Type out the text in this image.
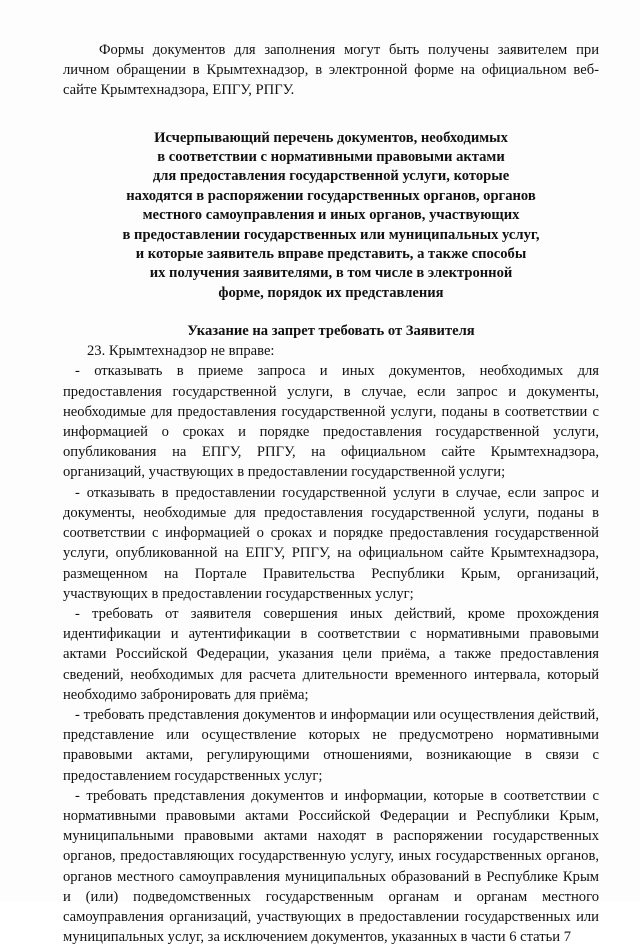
Формы документов для заполнения могут быть получены заявителем при личном обращении в Крымтехнадзор, в электронной форме на официальном веб-сайте Крымтехнадзора, ЕПГУ, РПГУ.

Исчерпывающий перечень документов, необходимых
в соответствии с нормативными правовыми актами
для предоставления государственной услуги, которые
находятся в распоряжении государственных органов, органов
местного самоуправления и иных органов, участвующих
в предоставлении государственных или муниципальных услуг,
и которые заявитель вправе представить, а также способы
их получения заявителями, в том числе в электронной
форме, порядок их представления
Указание на запрет требовать от Заявителя

23. Крымтехнадзор не вправе:

- отказывать в приеме запроса и иных документов, необходимых для предоставления государственной услуги, в случае, если запрос и документы, необходимые для предоставления государственной услуги, поданы в соответствии с информацией о сроках и порядке предоставления государственной услуги, опубликования на ЕПГУ, РПГУ, на официальном сайте Крымтехнадзора, организаций, участвующих в предоставлении государственной услуги;

- отказывать в предоставлении государственной услуги в случае, если запрос и документы, необходимые для предоставления государственной услуги, поданы в соответствии с информацией о сроках и порядке предоставления государственной услуги, опубликованной на ЕПГУ, РПГУ, на официальном сайте Крымтехнадзора, размещенном на Портале Правительства Республики Крым, организаций, участвующих в предоставлении государственных услуг;

- требовать от заявителя совершения иных действий, кроме прохождения идентификации и аутентификации в соответствии с нормативными правовыми актами Российской Федерации, указания цели приёма, а также предоставления сведений, необходимых для расчета длительности временного интервала, который необходимо забронировать для приёма;

- требовать представления документов и информации или осуществления действий, представление или осуществление которых не предусмотрено нормативными правовыми актами, регулирующими отношениями, возникающие в связи с предоставлением государственных услуг;

- требовать представления документов и информации, которые в соответствии с нормативными правовыми актами Российской Федерации и Республики Крым, муниципальными правовыми актами находят в распоряжении государственных органов, предоставляющих государственную услугу, иных государственных органов, органов местного самоуправления муниципальных образований в Республике Крым и (или) подведомственных государственным органам и органам местного самоуправления организаций, участвующих в предоставлении государственных или муниципальных услуг, за исключением документов, указанных в части 6 статьи 7
